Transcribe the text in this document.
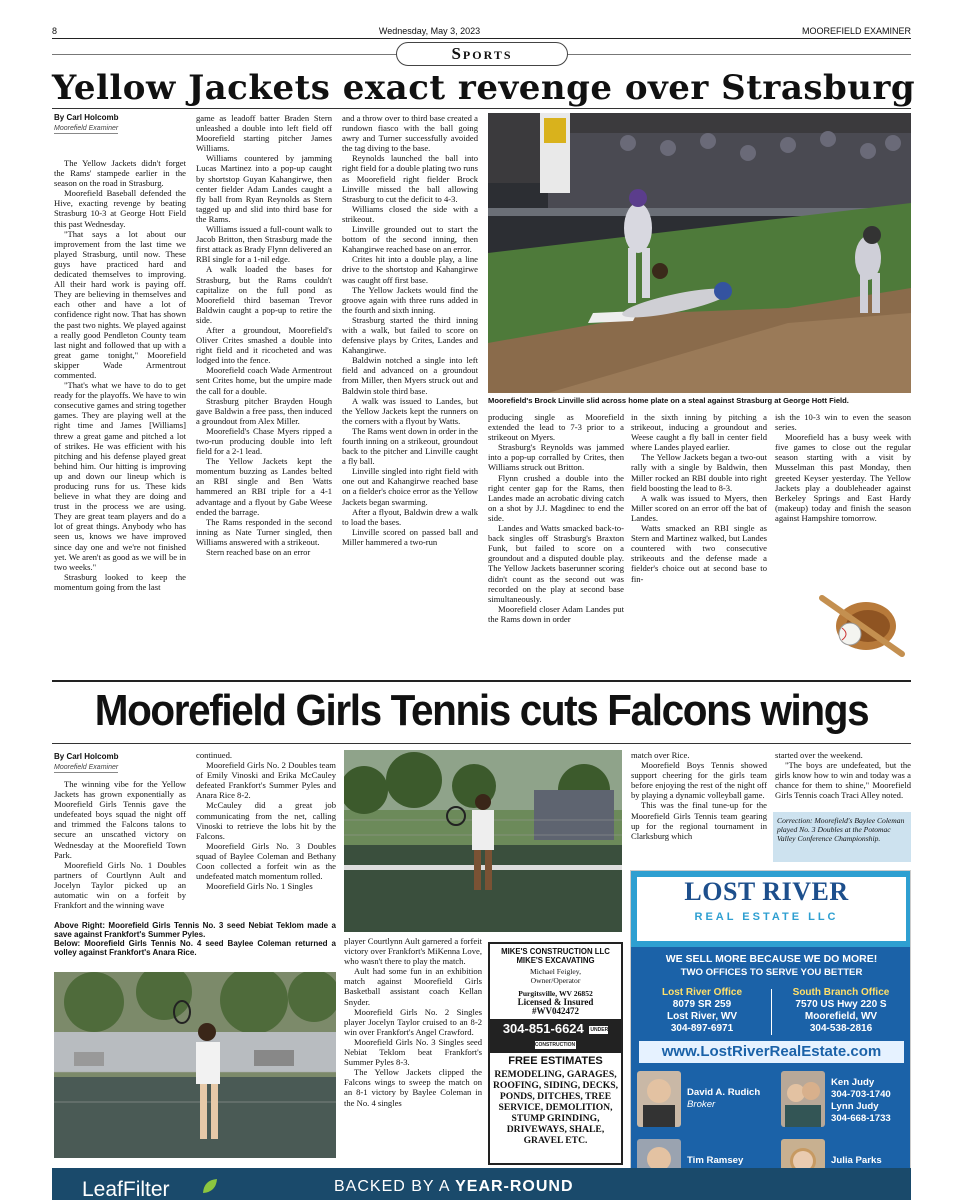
8	Wednesday, May 3, 2023	MOOREFIELD EXAMINER
Sports
Yellow Jackets exact revenge over Strasburg
By Carl Holcomb
Moorefield Examiner

The Yellow Jackets didn't forget the Rams' stampede earlier in the season on the road in Strasburg.

Moorefield Baseball defended the Hive, exacting revenge by beating Strasburg 10-3 at George Hott Field this past Wednesday.

"That says a lot about our improvement from the last time we played Strasburg, until now. These guys have practiced hard and dedicated themselves to improving. All their hard work is paying off. They are believing in themselves and each other and have a lot of confidence right now. That has shown the past two nights. We played against a really good Pendleton County team last night and followed that up with a great game tonight," Moorefield skipper Wade Armentrout commented.

"That's what we have to do to get ready for the playoffs. We have to win consecutive games and string together games. They are playing well at the right time and James [Williams] threw a great game and pitched a lot of strikes. He was efficient with his pitching and his defense played great behind him. Our hitting is improving up and down our lineup which is producing runs for us. These kids believe in what they are doing and trust in the process we are using. They are great team players and do a lot of great things. Anybody who has seen us, knows we have improved since day one and we're not finished yet. We aren't as good as we will be in two weeks."

Strasburg looked to keep the momentum going from the last

game as leadoff batter Braden Stern unleashed a double into left field off Moorefield starting pitcher James Williams.

Williams countered by jamming Lucas Martinez into a pop-up caught by shortstop Guyan Kahangirwe, then center fielder Adam Landes caught a fly ball from Ryan Reynolds as Stern tagged up and slid into third base for the Rams.

Williams issued a full-count walk to Jacob Britton, then Strasburg made the first attack as Brady Flynn delivered an RBI single for a 1-nil edge.

A walk loaded the bases for Strasburg, but the Rams couldn't capitalize on the full pond as Moorefield third baseman Trevor Baldwin caught a pop-up to retire the side.

After a groundout, Moorefield's Oliver Crites smashed a double into right field and it ricocheted and was lodged into the fence.

Moorefield coach Wade Armentrout sent Crites home, but the umpire made the call for a double.

Strasburg pitcher Brayden Hough gave Baldwin a free pass, then induced a groundout from Alex Miller.

Moorefield's Chase Myers ripped a two-run producing double into left field for a 2-1 lead.

The Yellow Jackets kept the momentum buzzing as Landes belted an RBI single and Ben Watts hammered an RBI triple for a 4-1 advantage and a flyout by Gabe Weese ended the barrage.

The Rams responded in the second inning as Nate Turner singled, then Williams answered with a strikeout.

Stern reached base on an error

and a throw over to third base created a rundown fiasco with the ball going awry and Turner successfully avoided the tag diving to the base.

Reynolds launched the ball into right field for a double plating two runs as Moorefield right fielder Brock Linville missed the ball allowing Strasburg to cut the deficit to 4-3.

Williams closed the side with a strikeout.

Linville grounded out to start the bottom of the second inning, then Kahangirwe reached base on an error.

Crites hit into a double play, a line drive to the shortstop and Kahangirwe was caught off first base.

The Yellow Jackets would find the groove again with three runs added in the fourth and sixth inning.

Strasburg started the third inning with a walk, but failed to score on defensive plays by Crites, Landes and Kahangirwe.

Baldwin notched a single into left field and advanced on a groundout from Miller, then Myers struck out and Baldwin stole third base.

A walk was issued to Landes, but the Yellow Jackets kept the runners on the corners with a flyout by Watts.

The Rams went down in order in the fourth inning on a strikeout, groundout back to the pitcher and Linville caught a fly ball.

Linville singled into right field with one out and Kahangirwe reached base on a fielder's choice error as the Yellow Jackets began swarming.

After a flyout, Baldwin drew a walk to load the bases.

Linville scored on passed ball and Miller hammered a two-run

Moorefield's Brock Linville slid across home plate on a steal against Strasburg at George Hott Field.

producing single as Moorefield extended the lead to 7-3 prior to a strikeout on Myers.

Strasburg's Reynolds was jammed into a pop-up corralled by Crites, then Williams struck out Britton.

Flynn crushed a double into the right center gap for the Rams, then Landes made an acrobatic diving catch on a shot by J.J. Magdinec to end the side.

Landes and Watts smacked back-to-back singles off Strasburg's Braxton Funk, but failed to score on a groundout and a disputed double play. The Yellow Jackets baserunner scoring didn't count as the second out was recorded on the play at second base simultaneously.

Moorefield closer Adam Landes put the Rams down in order

in the sixth inning by pitching a strikeout, inducing a groundout and Weese caught a fly ball in center field where Landes played earlier.

The Yellow Jackets began a two-out rally with a single by Baldwin, then Miller rocked an RBI double into right field boosting the lead to 8-3.

A walk was issued to Myers, then Miller scored on an error off the bat of Landes.

Watts smacked an RBI single as Stern and Martinez walked, but Landes countered with two consecutive strikeouts and the defense made a fielder's choice out at second base to fin-

ish the 10-3 win to even the season series.

Moorefield has a busy week with five games to close out the regular season starting with a visit by Musselman this past Monday, then greeted Keyser yesterday. The Yellow Jackets play a doubleheader against Berkeley Springs and East Hardy (makeup) today and finish the season against Hampshire tomorrow.

Moorefield Girls Tennis cuts Falcons wings
By Carl Holcomb
Moorefield Examiner

The winning vibe for the Yellow Jackets has grown exponentially as Moorefield Girls Tennis gave the undefeated boys squad the night off and trimmed the Falcons talons to secure an unscathed victory on Wednesday at the Moorefield Town Park.

Moorefield Girls No. 1 Doubles partners of Courtlynn Ault and Jocelyn Taylor picked up an automatic win on a forfeit by Frankfort and the winning wave

continued.

Moorefield Girls No. 2 Doubles team of Emily Vinoski and Erika McCauley defeated Frankfort's Summer Pyles and Anara Rice 8-2.

McCauley did a great job communicating from the net, calling Vinoski to retrieve the lobs hit by the Falcons.

Moorefield Girls No. 3 Doubles squad of Baylee Coleman and Bethany Coon collected a forfeit win as the undefeated match momentum rolled.

Moorefield Girls No. 1 Singles

Above Right: Moorefield Girls Tennis No. 3 seed Nebiat Teklom made a save against Frankfort's Summer Pyles.

Below: Moorefield Girls Tennis No. 4 seed Baylee Coleman returned a volley against Frankfort's Anara Rice.

player Courtlynn Ault garnered a forfeit victory over Frankfort's MiKenna Love, who wasn't there to play the match.

Ault had some fun in an exhibition match against Moorefield Girls Basketball assistant coach Kellan Snyder.

Moorefield Girls No. 2 Singles player Jocelyn Taylor cruised to an 8-2 win over Frankfort's Angel Crawford.

Moorefield Girls No. 3 Singles seed Nebiat Teklom beat Frankfort's Summer Pyles 8-3.

The Yellow Jackets clipped the Falcons wings to sweep the match on an 8-1 victory by Baylee Coleman in the No. 4 singles

MIKE'S CONSTRUCTION LLC
MIKE'S EXCAVATING
Michael Feigley,
Owner/Operator
Purgitsville, WV 26852
Licensed & Insured
#WV042472
304-851-6624 UNDER CONSTRUCTION
FREE ESTIMATES
REMODELING, GARAGES, ROOFING, SIDING, DECKS, PONDS, DITCHES, TREE SERVICE, DEMOLITION, STUMP GRINDING, DRIVEWAYS, SHALE, GRAVEL ETC.

match over Rice.

Moorefield Boys Tennis showed support cheering for the girls team before enjoying the rest of the night off by playing a dynamic volleyball game.

This was the final tune-up for the Moorefield Girls Tennis team gearing up for the regional tournament in Clarksburg which

started over the weekend.

"The boys are undefeated, but the girls know how to win and today was a chance for them to shine," Moorefield Girls Tennis coach Traci Alley noted.

Correction: Moorefield's Baylee Coleman played No. 3 Doubles at the Potomac Valley Conference Championship.
LOST RIVER
REAL ESTATE LLC
WE SELL MORE BECAUSE WE DO MORE!
TWO OFFICES TO SERVE YOU BETTER
Lost River Office
8079 SR 259
Lost River, WV
304-897-6971
South Branch Office
7570 US Hwy 220 S
Moorefield, WV
304-538-2816
www.LostRiverRealEstate.com
David A. Rudich
Broker
Ken Judy
304-703-1740
Lynn Judy
304-668-1733
Tim Ramsey	Julia Parks
LeafFilter	BACKED BY A YEAR-ROUND
